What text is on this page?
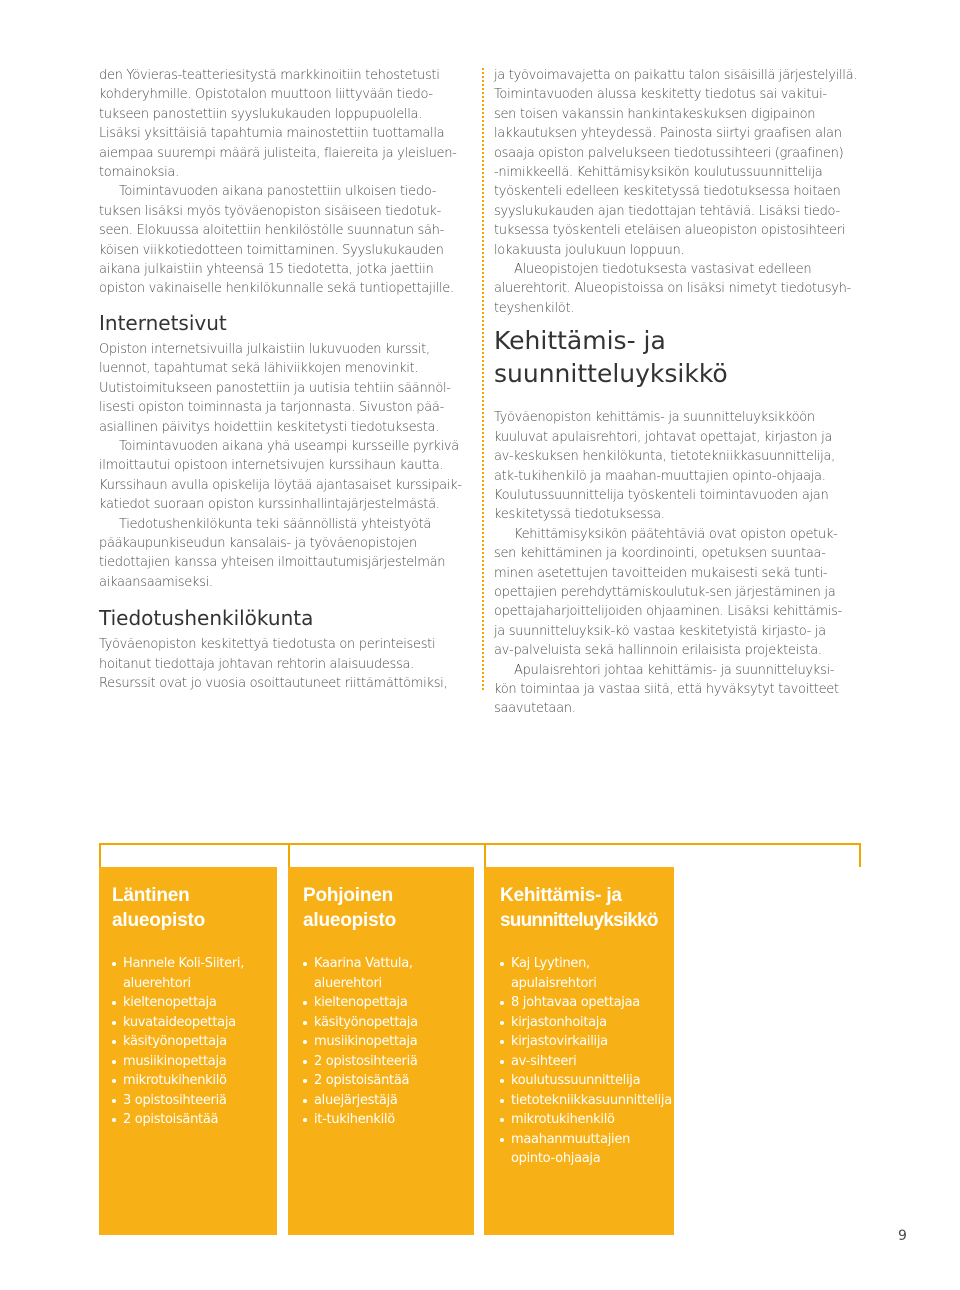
den Yövieras-teatteriesitystä markkinoitiin tehostetusti

kohderyhmille. Opistotalon muuttoon liittyvään tiedo-

tukseen panostettiin syyslukukauden loppupuolella.

Lisäksi yksittäisiä tapahtumia mainostettiin tuottamalla

aiempaa suurempi määrä julisteita, flaiereita ja yleisluen-

tomainoksia.

Toimintavuoden aikana panostettiin ulkoisen tiedo-

tuksen lisäksi myös työväenopiston sisäiseen tiedotuk-

seen. Elokuussa aloitettiin henkilöstölle suunnatun säh-

köisen viikkotiedotteen toimittaminen. Syyslukukauden

aikana julkaistiin yhteensä 15 tiedotetta, jotka jaettiin

opiston vakinaiselle henkilökunnalle sekä tuntiopettajille.

Internetsivut

Opiston internetsivuilla julkaistiin lukuvuoden kurssit,

luennot, tapahtumat sekä lähiviikkojen menovinkit.

Uutistoimitukseen panostettiin ja uutisia tehtiin säännöl-

lisesti opiston toiminnasta ja tarjonnasta. Sivuston pää-

asiallinen päivitys hoidettiin keskitetysti tiedotuksesta.

Toimintavuoden aikana yhä useampi kursseille pyrkivä

ilmoittautui opistoon internetsivujen kurssihaun kautta.

Kurssihaun avulla opiskelija löytää ajantasaiset kurssipaik-

katiedot suoraan opiston kurssinhallintajärjestelmästä.

Tiedotushenkilökunta teki säännöllistä yhteistyötä

pääkaupunkiseudun kansalais- ja työväenopistojen

tiedottajien kanssa yhteisen ilmoittautumisjärjestelmän

aikaansaamiseksi.

Tiedotushenkilökunta

Työväenopiston keskitettyä tiedotusta on perinteisesti

hoitanut tiedottaja johtavan rehtorin alaisuudessa.

Resurssit ovat jo vuosia osoittautuneet riittämättömiksi,

ja työvoimavajetta on paikattu talon sisäisillä järjestelyillä.

Toimintavuoden alussa keskitetty tiedotus sai vakitui-

sen toisen vakanssin hankintakeskuksen digipainon

lakkautuksen yhteydessä. Painosta siirtyi graafisen alan

osaaja opiston palvelukseen tiedotussihteeri (graafinen)

-nimikkeellä. Kehittämisyksikön koulutussuunnittelija

työskenteli edelleen keskitetyssä tiedotuksessa hoitaen

syyslukukauden ajan tiedottajan tehtäviä. Lisäksi tiedo-

tuksessa työskenteli eteläisen alueopiston opistosihteeri

lokakuusta joulukuun loppuun.

Alueopistojen tiedotuksesta vastasivat edelleen

aluerehtorit. Alueopistoissa on lisäksi nimetyt tiedotusyh-

teyshenkilöt.

Kehittämis- ja
suunnitteluyksikkö

Työväenopiston kehittämis- ja suunnitteluyksikköön

kuuluvat apulaisrehtori, johtavat opettajat, kirjaston ja

av-keskuksen henkilökunta, tietotekniikkasuunnittelija,

atk-tukihenkilö ja maahan-muuttajien opinto-ohjaaja.

Koulutussuunnittelija työskenteli toimintavuoden ajan

keskitetyssä tiedotuksessa.

Kehittämisyksikön päätehtäviä ovat opiston opetuk-

sen kehittäminen ja koordinointi, opetuksen suuntaa-

minen asetettujen tavoitteiden mukaisesti sekä tunti-

opettajien perehdyttämiskoulutuk-sen järjestäminen ja

opettajaharjoittelijoiden ohjaaminen. Lisäksi kehittämis-

ja suunnitteluyksik-kö vastaa keskitetyistä kirjasto- ja

av-palveluista sekä hallinnoin erilaisista projekteista.

Apulaisrehtori johtaa kehittämis- ja suunnitteluyksi-

kön toimintaa ja vastaa siitä, että hyväksytyt tavoitteet

saavutetaan.

Läntinen
alueopisto
Hannele Koli-Siiteri,
aluerehtori
kieltenopettaja
kuvataideopettaja
käsityönopettaja
musiikinopettaja
mikrotukihenkilö
3 opistosihteeriä
2 opistoisäntää
Pohjoinen
alueopisto
Kaarina Vattula,
aluerehtori
kieltenopettaja
käsityönopettaja
musiikinopettaja
2 opistosihteeriä
2 opistoisäntää
aluejärjestäjä
it-tukihenkilö
Kehittämis- ja
suunnitteluyksikkö
Kaj Lyytinen,
apulaisrehtori
8 johtavaa opettajaa
kirjastonhoitaja
kirjastovirkailija
av-sihteeri
koulutussuunnittelija
tietotekniikkasuunnittelija
mikrotukihenkilö
maahanmuuttajien
opinto-ohjaaja
9
